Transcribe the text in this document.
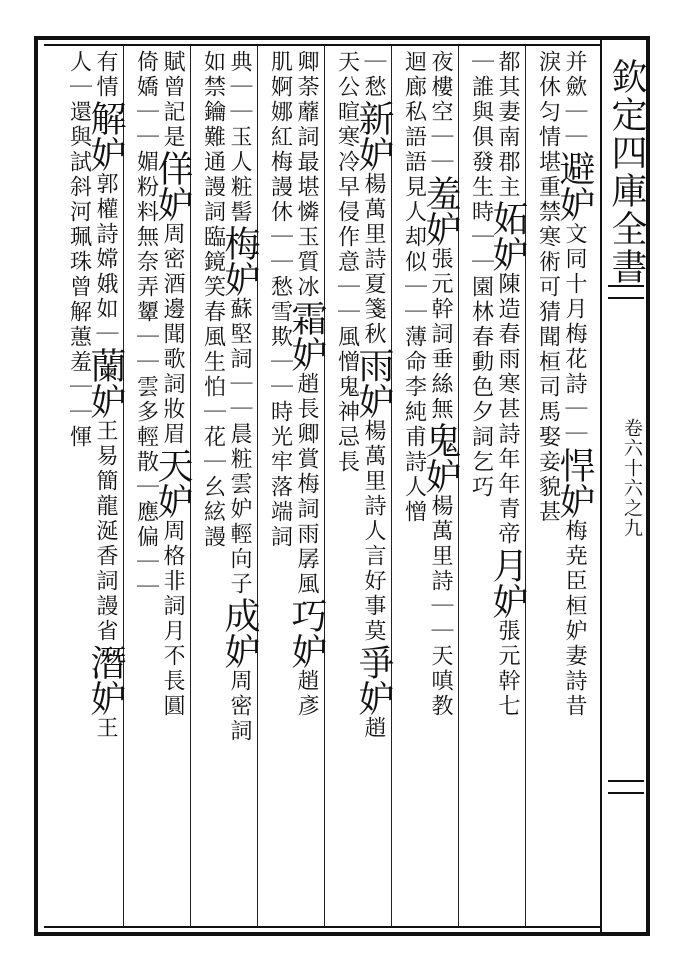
欽定四庫全書
卷六十六之九
并歛｜｜避妒文同十月梅花詩｜｜悍妒梅尭臣桓妒妻詩昔
淚休匀情堪重禁寒術可猜聞桓司馬娶妾貌甚
都其妻南郡主妬妒陳造春雨寒甚詩年年青帝月妒張元幹七
｜誰與俱發生時｜｜園林春動色夕詞乞巧
夜樓空｜｜羞妒張元幹詞垂絲無鬼妒楊萬里詩｜｜天嗔教
迴廊私語語見人却似｜｜薄命李純甫詩人憎
｜愁新妒楊萬里詩夏箋秋雨妒楊萬里詩人言好事莫爭妒趙
天公暄寒冷早侵作意｜｜風憎鬼神忌長
卿荼蘼詞最堪憐玉質冰霜妒趙長卿賞梅詞雨孱風巧妒趙彥
肌婀娜紅梅謾休｜｜愁雪欺｜｜時光牢落端詞
典｜｜玉人粧髻梅妒蘇堅詞｜｜晨粧雲妒輕向子成妒周密詞
如禁鑰難通謾詞臨鏡笑春風生怕｜花｜幺絃謾
賦曾記是佯妒周密酒邊聞歌詞妝眉天妒周格非詞月不長圓
倚嬌｜｜媚粉料無奈弄顰｜｜雲多輕散｜應偏｜｜
有情解妒郭權詩嫦娥如｜蘭妒王易簡龍涎香詞謾省潛妒王
人｜還與試斜河珮珠曾解蕙羞｜｜惲
